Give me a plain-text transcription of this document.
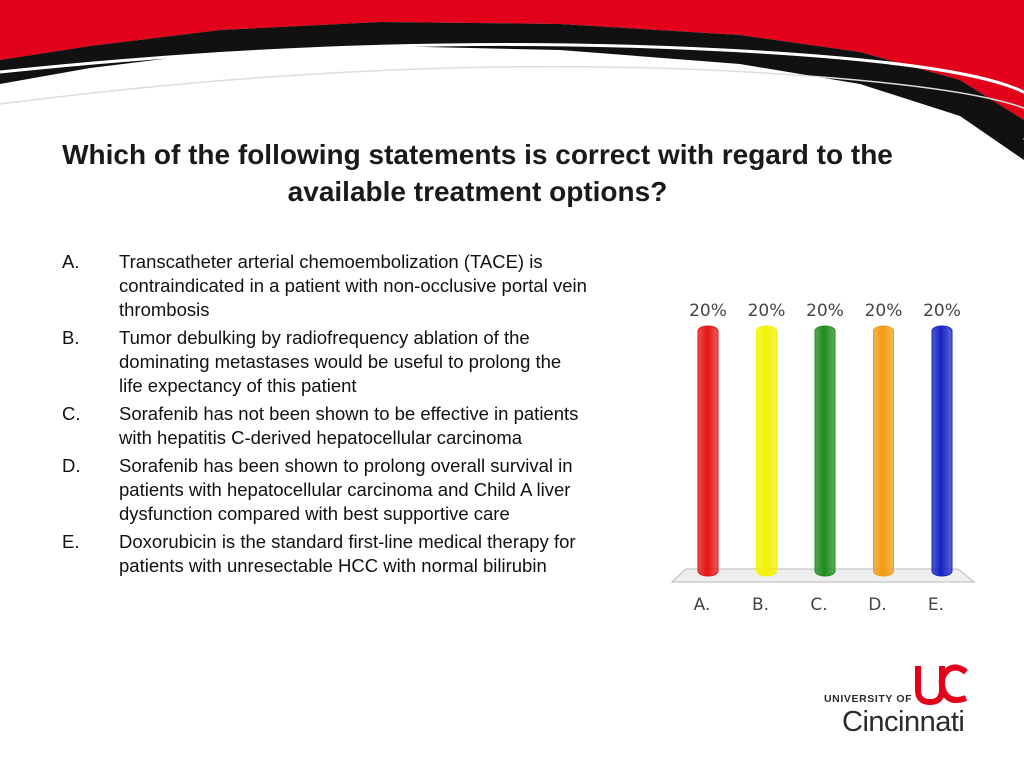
Which of the following statements is correct with regard to the available treatment options?
A.	Transcatheter arterial chemoembolization (TACE) is contraindicated in a patient with non-occlusive portal vein thrombosis
B.	Tumor debulking by radiofrequency ablation of the dominating metastases would be useful to prolong the life expectancy of this patient
C.	Sorafenib has not been shown to be effective in patients with hepatitis C-derived hepatocellular carcinoma
D.	Sorafenib has been shown to prolong overall survival in patients with hepatocellular carcinoma and Child A liver dysfunction compared with best supportive care
E.	Doxorubicin is the standard first-line medical therapy for patients with unresectable HCC with normal bilirubin
20%
A.
20%
B.
20%
C.
20%
D.
20%
E.
UNIVERSITY OF
Cincinnati
